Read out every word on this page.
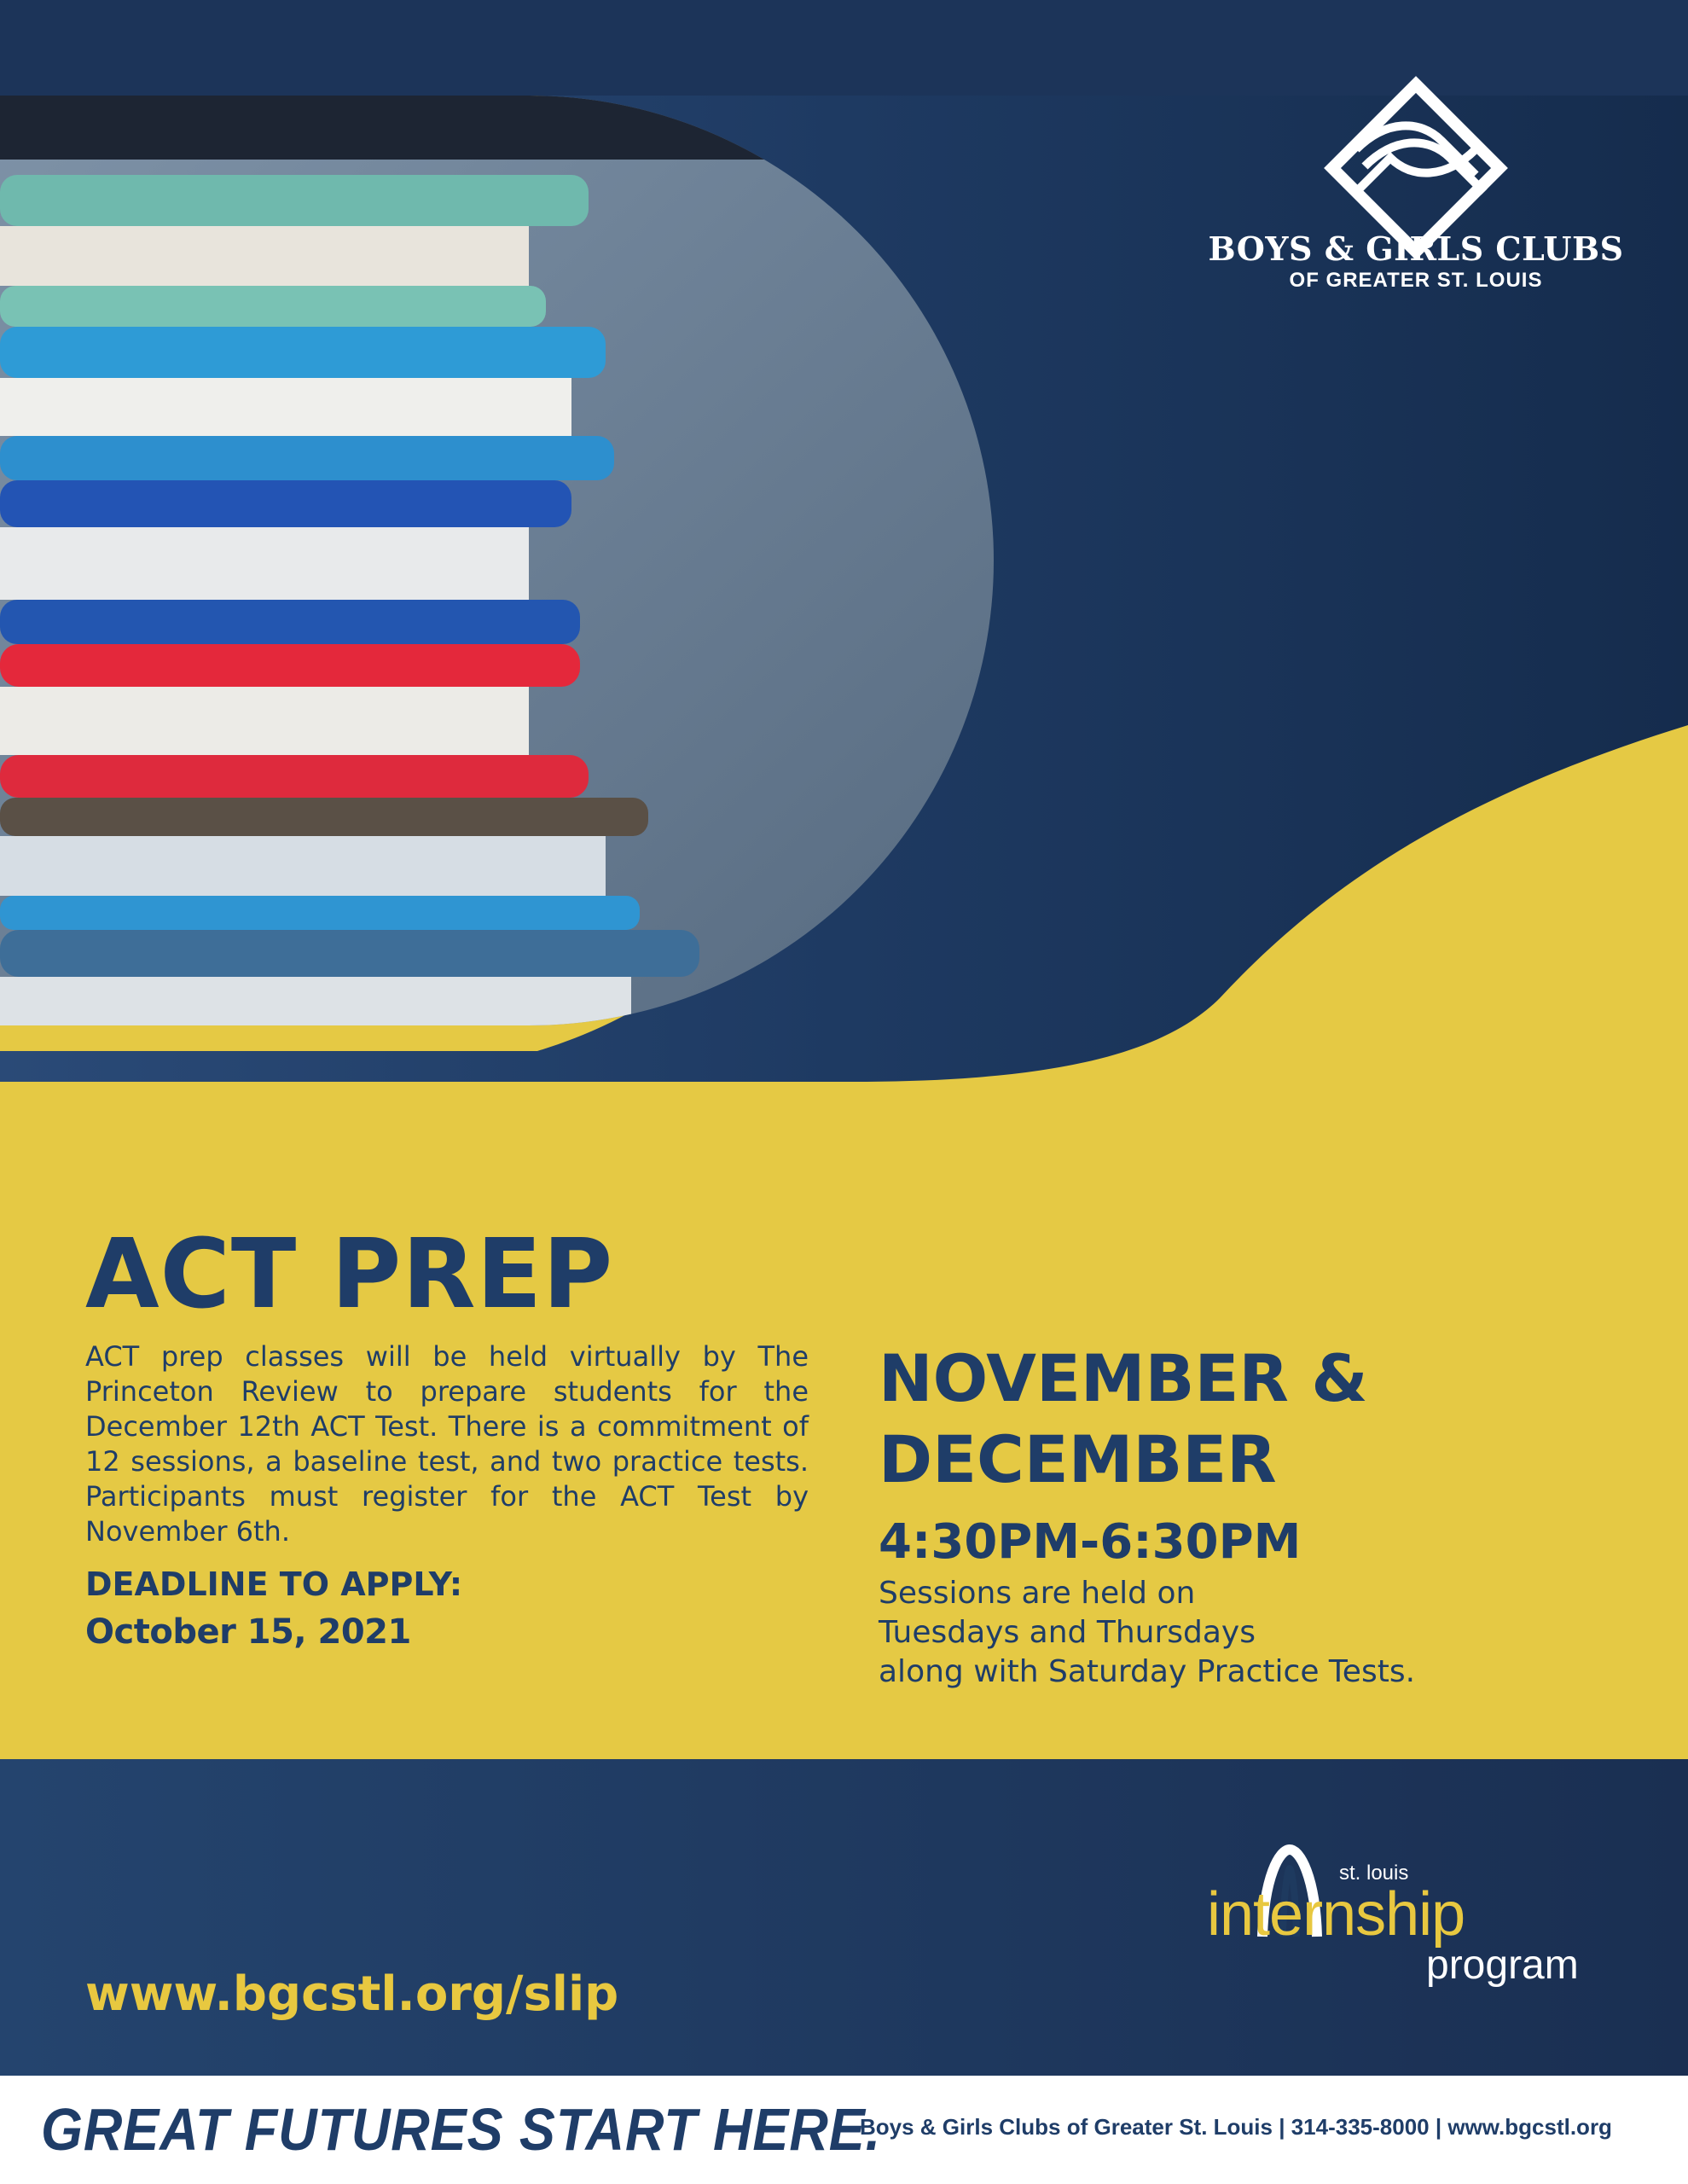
BOYS & GIRLS CLUBS
OF GREATER ST. LOUIS
ACT PREP
ACT prep classes will be held virtually by The Princeton Review to prepare students for the December 12th ACT Test. There is a commitment of 12 sessions, a baseline test, and two practice tests. Participants must register for the ACT Test by November 6th.
DEADLINE TO APPLY:
October 15, 2021
NOVEMBER &
DECEMBER
4:30PM-6:30PM
Sessions are held on
Tuesdays and Thursdays
along with Saturday Practice Tests.
www.bgcstl.org/slip
st. louis
internship
program
GREAT FUTURES START HERE.
Boys & Girls Clubs of Greater St. Louis | 314-335-8000 | www.bgcstl.org
